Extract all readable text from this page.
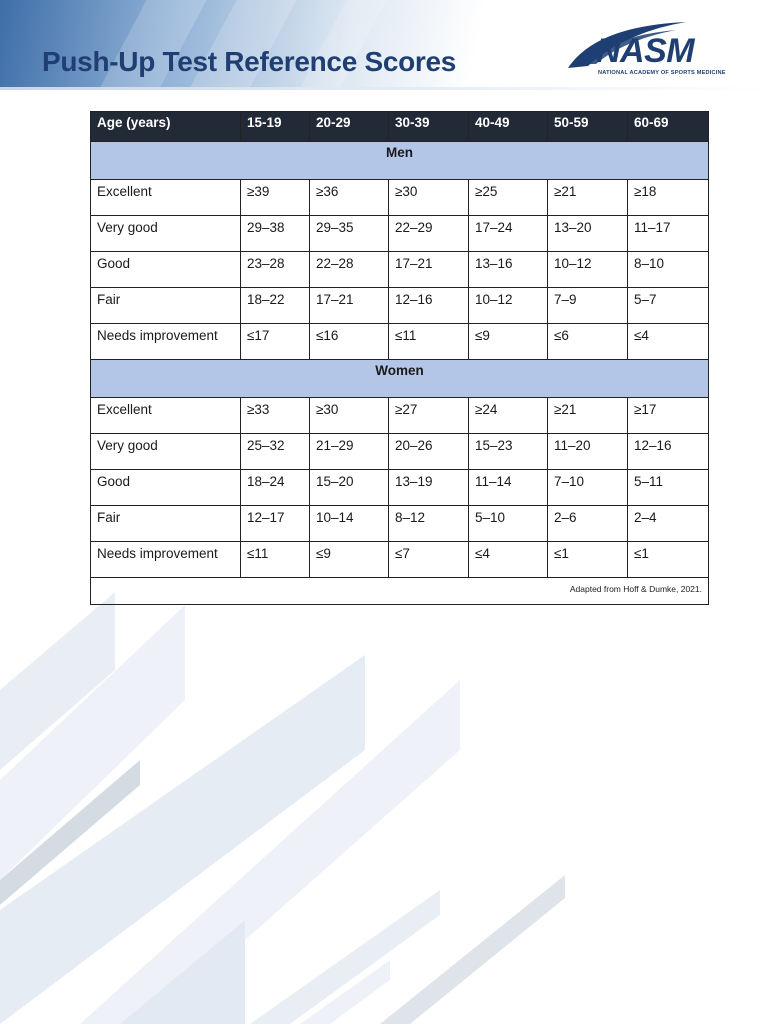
Push-Up Test Reference Scores	NASM
NATIONAL ACADEMY OF SPORTS MEDICINE
Age (years)	15-19	20-29	30-39	40-49	50-59	60-69
Men						
Excellent	≥39	≥36	≥30	≥25	≥21	≥18
Very good	29–38	29–35	22–29	17–24	13–20	11–17
Good	23–28	22–28	17–21	13–16	10–12	8–10
Fair	18–22	17–21	12–16	10–12	7–9	5–7
Needs improvement	≤17	≤16	≤11	≤9	≤6	≤4
Women						
Excellent	≥33	≥30	≥27	≥24	≥21	≥17
Very good	25–32	21–29	20–26	15–23	11–20	12–16
Good	18–24	15–20	13–19	11–14	7–10	5–11
Fair	12–17	10–14	8–12	5–10	2–6	2–4
Needs improvement	≤11	≤9	≤7	≤4	≤1	≤1
Adapted from Hoff & Dumke, 2021.						
